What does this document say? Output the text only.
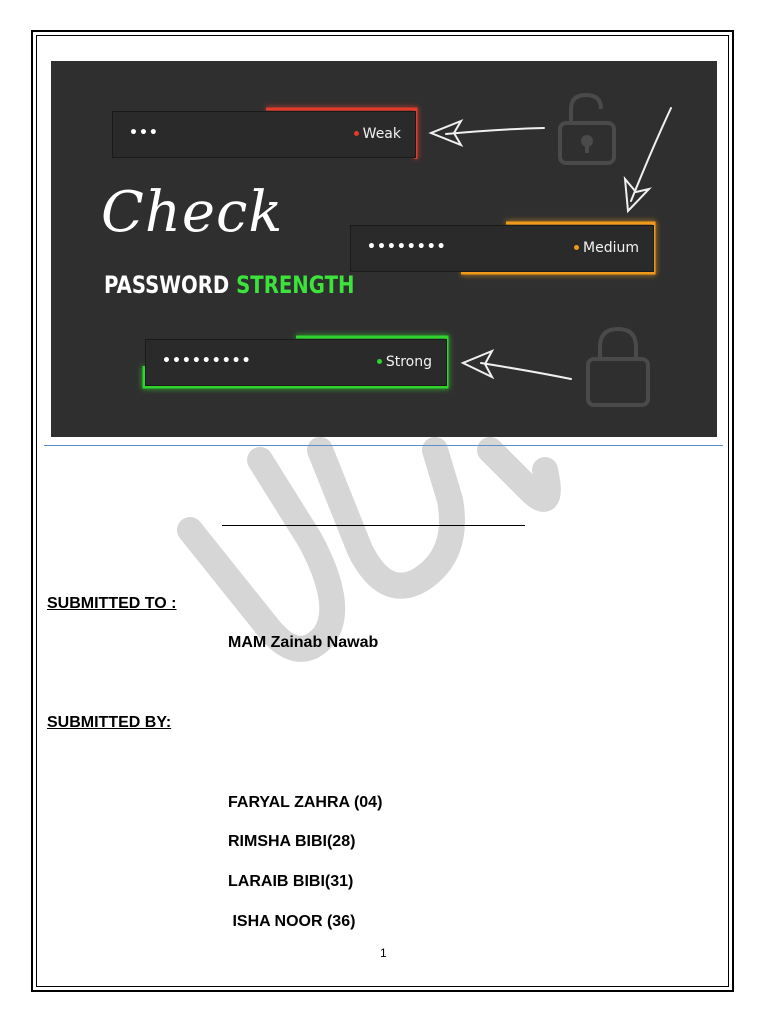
•••	Weak
••••••••	Medium
•••••••••	Strong
Check
PASSWORD STRENGTH
SUBMITTED TO :
MAM Zainab Nawab
SUBMITTED BY:
FARYAL ZAHRA (04)
RIMSHA BIBI(28)
LARAIB BIBI(31)
ISHA NOOR (36)
1
